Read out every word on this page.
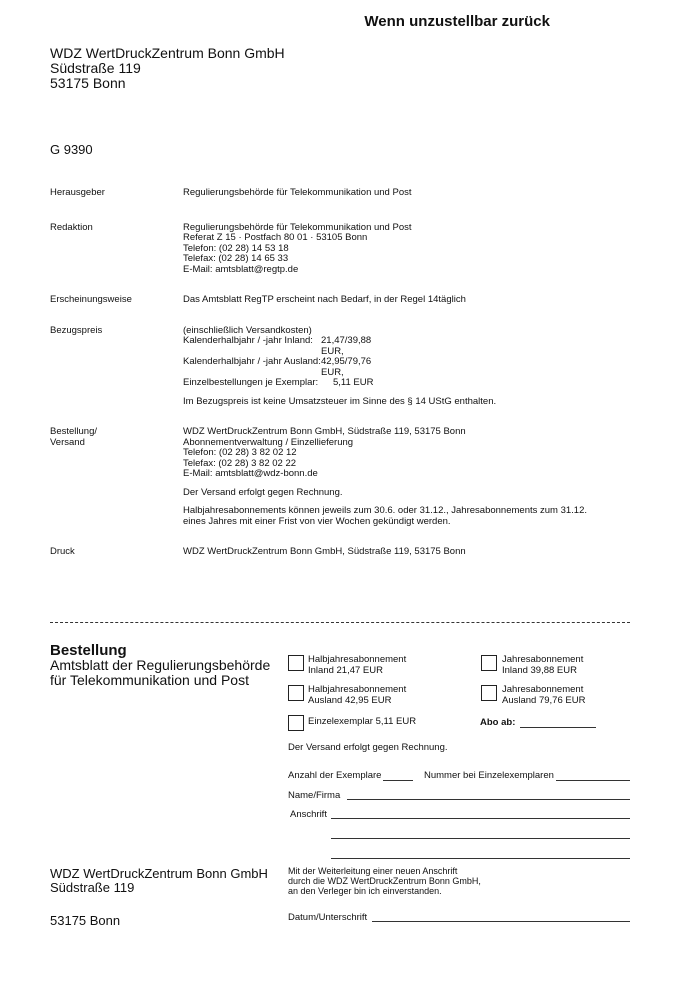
Wenn unzustellbar zurück
WDZ WertDruckZentrum Bonn GmbH
Südstraße 119
53175 Bonn
G 9390
Herausgeber	Regulierungsbehörde für Telekommunikation und Post

Redaktion	Regulierungsbehörde für Telekommunikation und Post

Referat Z 15 · Postfach 80 01 · 53105 Bonn

Telefon: (02 28) 14 53 18

Telefax: (02 28) 14 65 33

E-Mail: amtsblatt@regtp.de

Erscheinungsweise	Das Amtsblatt RegTP erscheint nach Bedarf, in der Regel 14täglich

Bezugspreis	(einschließlich Versandkosten)

Kalenderhalbjahr / -jahr Inland: 21,47/39,88 EUR,
Kalenderhalbjahr / -jahr Ausland: 42,95/79,76 EUR,
Einzelbestellungen je Exemplar:	5,11 EUR

Im Bezugspreis ist keine Umsatzsteuer im Sinne des § 14 UStG enthalten.

Bestellung/
Versand

WDZ WertDruckZentrum Bonn GmbH, Südstraße 119, 53175 Bonn

Abonnementverwaltung / Einzellieferung

Telefon: (02 28) 3 82 02 12

Telefax: (02 28) 3 82 02 22

E-Mail: amtsblatt@wdz-bonn.de

Der Versand erfolgt gegen Rechnung.

Halbjahresabonnements können jeweils zum 30.6. oder 31.12., Jahresabonnements zum 31.12.

eines Jahres mit einer Frist von vier Wochen gekündigt werden.

Druck	WDZ WertDruckZentrum Bonn GmbH, Südstraße 119, 53175 Bonn

Bestellung
Amtsblatt der Regulierungsbehörde
für Telekommunikation und Post
Halbjahresabonnement
Inland 21,47 EUR
Jahresabonnement
Inland 39,88 EUR
Halbjahresabonnement
Ausland 42,95 EUR
Jahresabonnement
Ausland 79,76 EUR
Einzelexemplar 5,11 EUR	Abo ab:
Der Versand erfolgt gegen Rechnung.
Anzahl der Exemplare	Nummer bei Einzelexemplaren
Name/Firma
Anschrift
Mit der Weiterleitung einer neuen Anschrift
durch die WDZ WertDruckZentrum Bonn GmbH,
an den Verleger bin ich einverstanden.
Datum/Unterschrift
WDZ WertDruckZentrum Bonn GmbH
Südstraße 119
53175 Bonn
